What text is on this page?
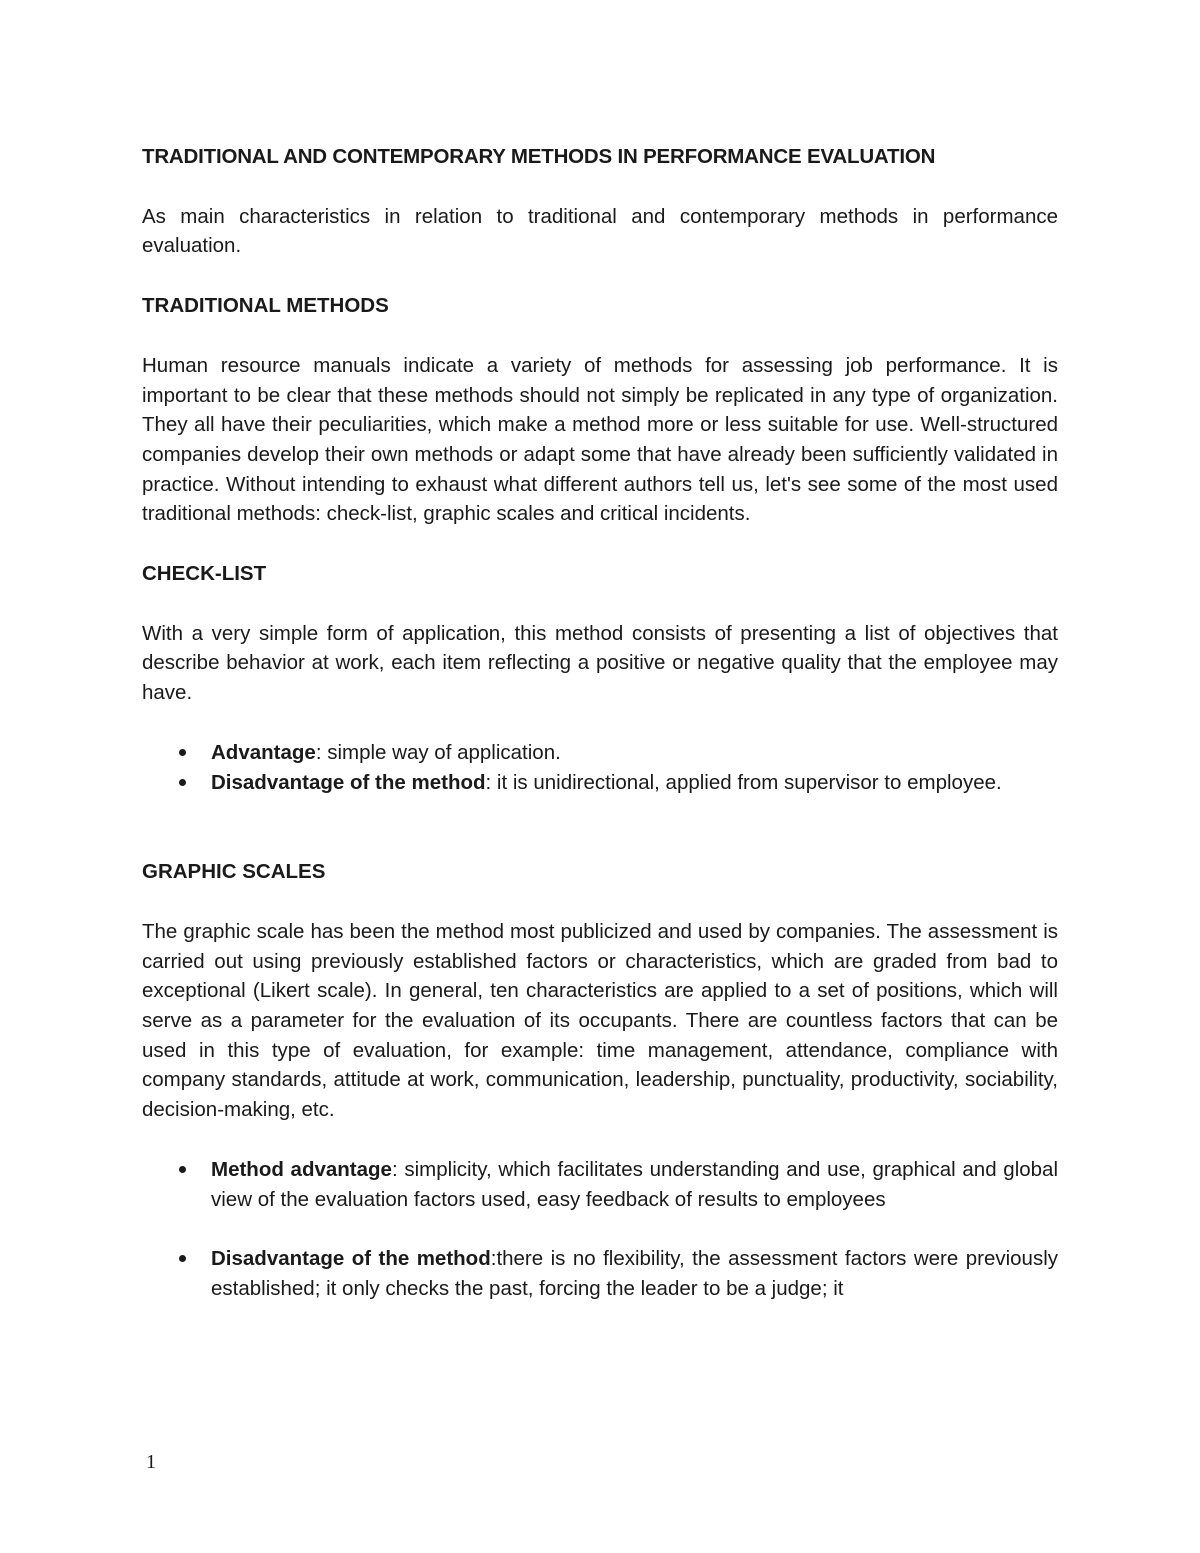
TRADITIONAL AND CONTEMPORARY METHODS IN PERFORMANCE EVALUATION

As main characteristics in relation to traditional and contemporary methods in performance evaluation.

TRADITIONAL METHODS

Human resource manuals indicate a variety of methods for assessing job performance. It is important to be clear that these methods should not simply be replicated in any type of organization. They all have their peculiarities, which make a method more or less suitable for use. Well-structured companies develop their own methods or adapt some that have already been sufficiently validated in practice. Without intending to exhaust what different authors tell us, let's see some of the most used traditional methods: check-list, graphic scales and critical incidents.

CHECK-LIST

With a very simple form of application, this method consists of presenting a list of objectives that describe behavior at work, each item reflecting a positive or negative quality that the employee may have.

Advantage: simple way of application.
Disadvantage of the method: it is unidirectional, applied from supervisor to employee.
GRAPHIC SCALES

The graphic scale has been the method most publicized and used by companies. The assessment is carried out using previously established factors or characteristics, which are graded from bad to exceptional (Likert scale). In general, ten characteristics are applied to a set of positions, which will serve as a parameter for the evaluation of its occupants. There are countless factors that can be used in this type of evaluation, for example: time management, attendance, compliance with company standards, attitude at work, communication, leadership, punctuality, productivity, sociability, decision-making, etc.

Method advantage: simplicity, which facilitates understanding and use, graphical and global view of the evaluation factors used, easy feedback of results to employees
Disadvantage of the method:there is no flexibility, the assessment factors were previously established; it only checks the past, forcing the leader to be a judge; it
1
